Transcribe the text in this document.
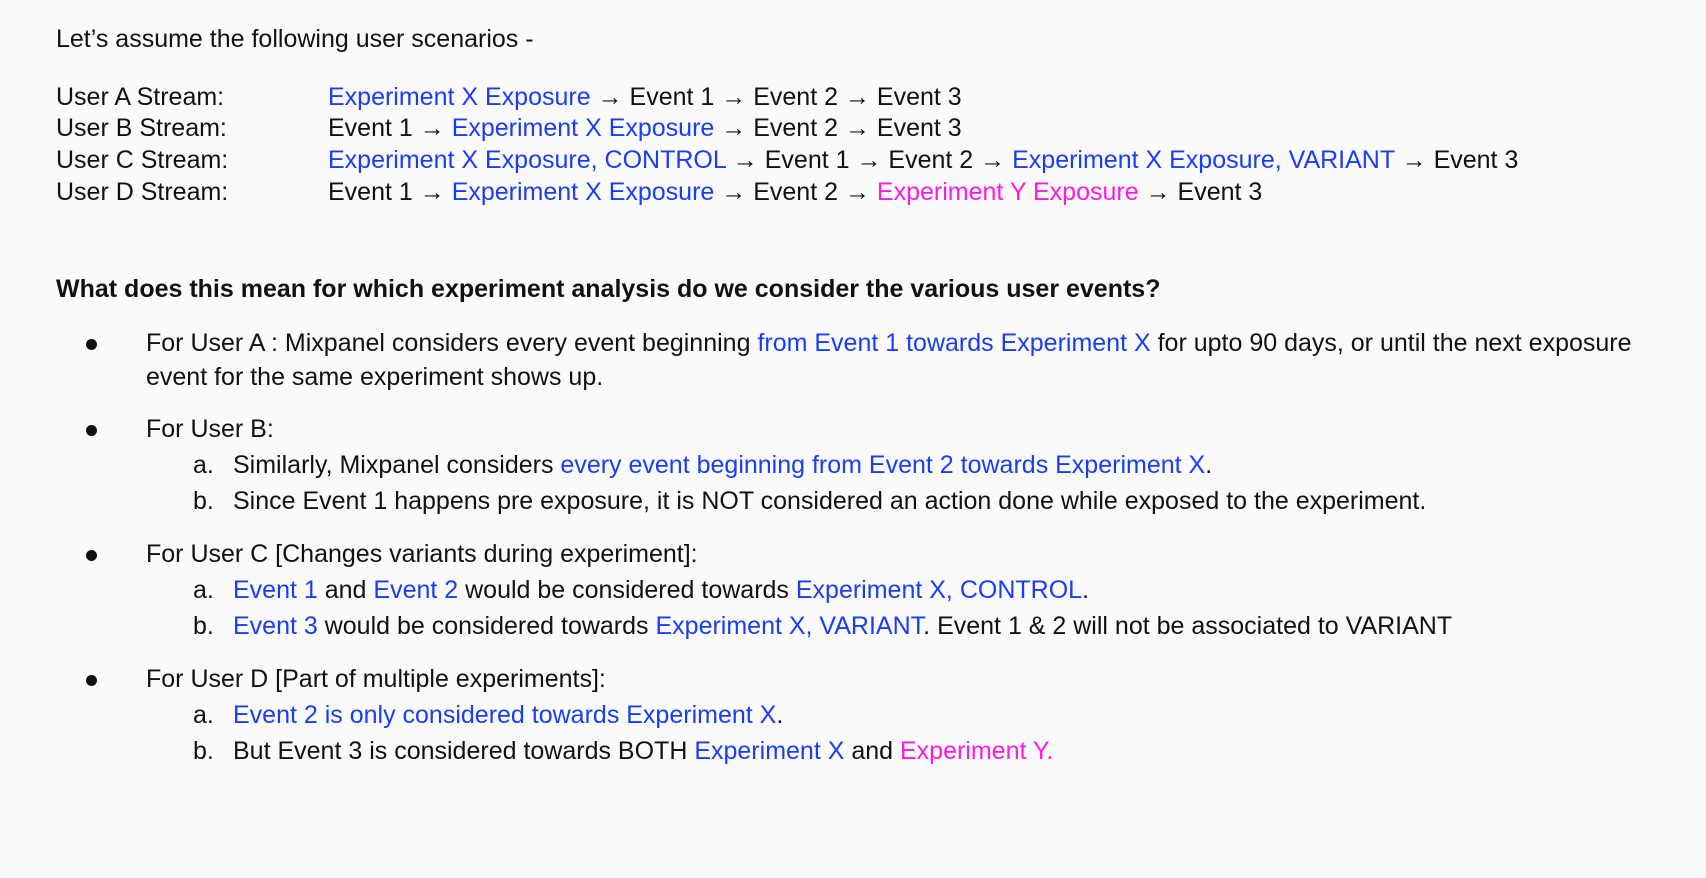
Let’s assume the following user scenarios -

User A Stream:	Experiment X Exposure → Event 1 → Event 2 → Event 3
User B Stream:	Event 1 → Experiment X Exposure → Event 2 → Event 3
User C Stream:	Experiment X Exposure, CONTROL → Event 1 → Event 2 → Experiment X Exposure, VARIANT → Event 3
User D Stream:	Event 1 → Experiment X Exposure → Event 2 → Experiment Y Exposure → Event 3

What does this mean for which experiment analysis do we consider the various user events?

For User A : Mixpanel considers every event beginning from Event 1 towards Experiment X for upto 90 days, or until the next exposure event for the same experiment shows up.
For User B:
a. Similarly, Mixpanel considers every event beginning from Event 2 towards Experiment X.
b. Since Event 1 happens pre exposure, it is NOT considered an action done while exposed to the experiment.
For User C [Changes variants during experiment]:
a. Event 1 and Event 2 would be considered towards Experiment X, CONTROL.
b. Event 3 would be considered towards Experiment X, VARIANT. Event 1 & 2 will not be associated to VARIANT
For User D [Part of multiple experiments]:
a. Event 2 is only considered towards Experiment X.
b. But Event 3 is considered towards BOTH Experiment X and Experiment Y.
